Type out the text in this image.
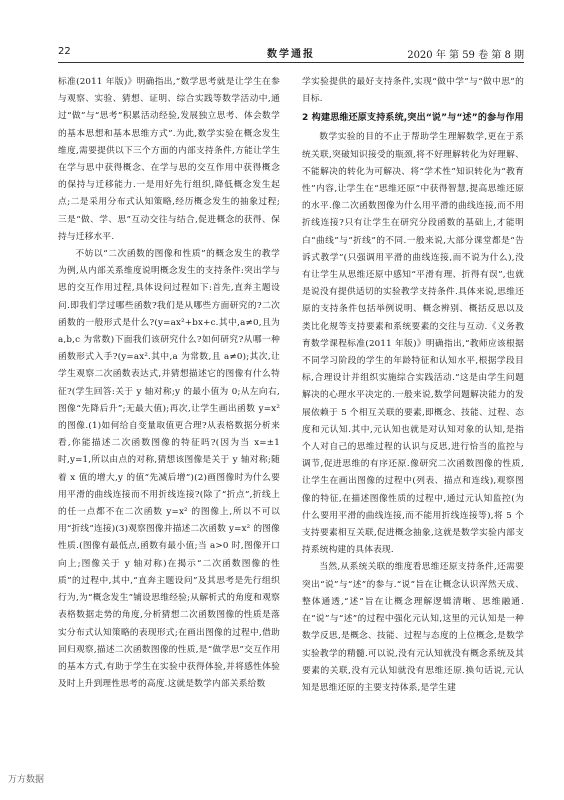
22	数学通报	2020 年 第 59 卷 第 8 期

标准(2011 年版)》明确指出,“数学思考就是让学生在参与观察、实验、猜想、证明、综合实践等数学活动中,通过“做”与“思考”积累活动经验,发展独立思考、体会数学的基本思想和基本思维方式”.为此,数学实验在概念发生维度,需要提供以下三个方面的内部支持条件,方能让学生在学与思中获得概念、在学与思的交互作用中获得概念的保持与迁移能力.一是用好先行组织,降低概念发生起点;二是采用分布式认知策略,经历概念发生的抽象过程;三是“做、学、思”互动交往与结合,促进概念的获得、保持与迁移水平.

不妨以“二次函数的图像和性质”的概念发生的教学为例,从内部关系维度说明概念发生的支持条件:突出学与思的交互作用过程,具体设问过程如下:首先,直奔主题设问.即我们学过哪些函数?我们是从哪些方面研究的?二次函数的一般形式是什么?(y=ax²+bx+c.其中,a≠0,且为a,b,c 为常数)下面我们该研究什么?如何研究?从哪一种函数形式入手?(y=ax².其中,a 为常数,且 a≠0);其次,让学生观察二次函数表达式,并猜想描述它的图像有什么特征?(学生回答:关于 y 轴对称;y 的最小值为 0;从左向右,图像“先降后升”;无最大值);再次,让学生画出函数 y=x² 的图像.(1)如何给自变量取值更合理?从表格数据分析来看,你能描述二次函数图像的特征吗?(因为当 x=±1 时,y=1,所以由点的对称,猜想该图像是关于 y 轴对称;随着 x 值的增大,y 的值“先减后增”)(2)画图像时为什么要用平滑的曲线连接而不用折线连接?(除了“折点”,折线上的任一点都不在二次函数 y=x² 的图像上,所以不可以用“折线”连接)(3)观察图像并描述二次函数 y=x² 的图像性质.(图像有最低点,函数有最小值;当 a>0 时,图像开口向上;图像关于 y 轴对称)在揭示“二次函数图像的性质”的过程中,其中,“直奔主题设问”及其思考是先行组织行为,为“概念发生”铺设思维经验;从解析式的角度和观察表格数据走势的角度,分析猜想二次函数图像的性质是落实分布式认知策略的表现形式;在画出图像的过程中,借助回归观察,描述二次函数图像的性质,是“做学思”交互作用的基本方式,有助于学生在实验中获得体验,并将感性体验及时上升到理性思考的高度.这就是数学内部关系给数

学实验提供的最好支持条件,实现“做中学”与“做中思”的目标.

2 构建思维还原支持系统,突出“说”与“述”的参与作用

数学实验的目的不止于帮助学生理解数学,更在于系统关联,突破知识接受的瓶颈,将不好理解转化为好理解、不能解决的转化为可解决、将“学术性”知识转化为“教育性”内容,让学生在“思维还原”中获得智慧,提高思维还原的水平.像二次函数图像为什么用平滑的曲线连接,而不用折线连接?只有让学生在研究分段函数的基础上,才能明白“曲线”与“折线”的不同.一般来说,大部分课堂都是“告诉式教学”(只强调用平滑的曲线连接,而不说为什么),没有让学生从思维还原中感知“平滑有理、折得有误”,也就是说没有提供适切的实验教学支持条件.具体来说,思维还原的支持条件包括举例说明、概念辨别、概括反思以及类比化规等支持要素和系统要素的交往与互动.《义务教育数学课程标准(2011 年版)》明确指出,“教师应该根据不同学习阶段的学生的年龄特征和认知水平,根据学段目标,合理设计并组织实施综合实践活动.”这是由学生问题解决的心理水平决定的.一般来说,数学问题解决能力的发展依赖于 5 个相互关联的要素,即概念、技能、过程、态度和元认知.其中,元认知也就是对认知对象的认知,是指个人对自己的思维过程的认识与反思,进行恰当的监控与调节,促进思维的有序还原.像研究二次函数图像的性质,让学生在画出图像的过程中(列表、描点和连线),观察图像的特征,在描述图像性质的过程中,通过元认知监控(为什么要用平滑的曲线连接,而不能用折线连接等),将 5 个支持要素相互关联,促进概念抽象,这就是数学实验内部支持系统构建的具体表现.

当然,从系统关联的维度看思维还原支持条件,还需要突出“说”与“述”的参与.“说”旨在让概念认识浑然天成、整体通透,“述”旨在让概念理解逻辑清晰、思维融通.在“说”与“述”的过程中强化元认知,这里的元认知是一种数学反思,是概念、技能、过程与态度的上位概念,是数学实验教学的精髓.可以说,没有元认知就没有概念系统及其要素的关联,没有元认知就没有思维还原.换句话说,元认知是思维还原的主要支持体系,是学生建

万方数据
